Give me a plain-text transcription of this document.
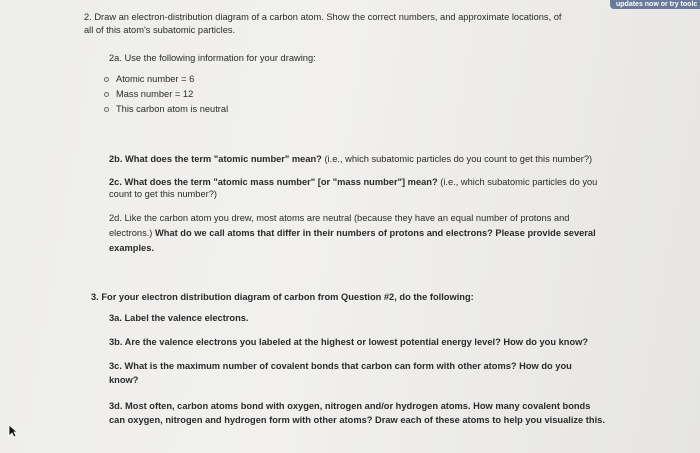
updates now or try toolc
2. Draw an electron-distribution diagram of a carbon atom. Show the correct numbers, and approximate locations, of
all of this atom's subatomic particles.
2a. Use the following information for your drawing:
Atomic number = 6
Mass number = 12
This carbon atom is neutral
2b. What does the term "atomic number" mean? (i.e., which subatomic particles do you count to get this number?)
2c. What does the term "atomic mass number" [or "mass number"] mean? (i.e., which subatomic particles do you
count to get this number?)
2d. Like the carbon atom you drew, most atoms are neutral (because they have an equal number of protons and
electrons.) What do we call atoms that differ in their numbers of protons and electrons? Please provide several
examples.
3. For your electron distribution diagram of carbon from Question #2, do the following:
3a. Label the valence electrons.
3b. Are the valence electrons you labeled at the highest or lowest potential energy level? How do you know?
3c. What is the maximum number of covalent bonds that carbon can form with other atoms? How do you
know?
3d. Most often, carbon atoms bond with oxygen, nitrogen and/or hydrogen atoms. How many covalent bonds
can oxygen, nitrogen and hydrogen form with other atoms? Draw each of these atoms to help you visualize this.
